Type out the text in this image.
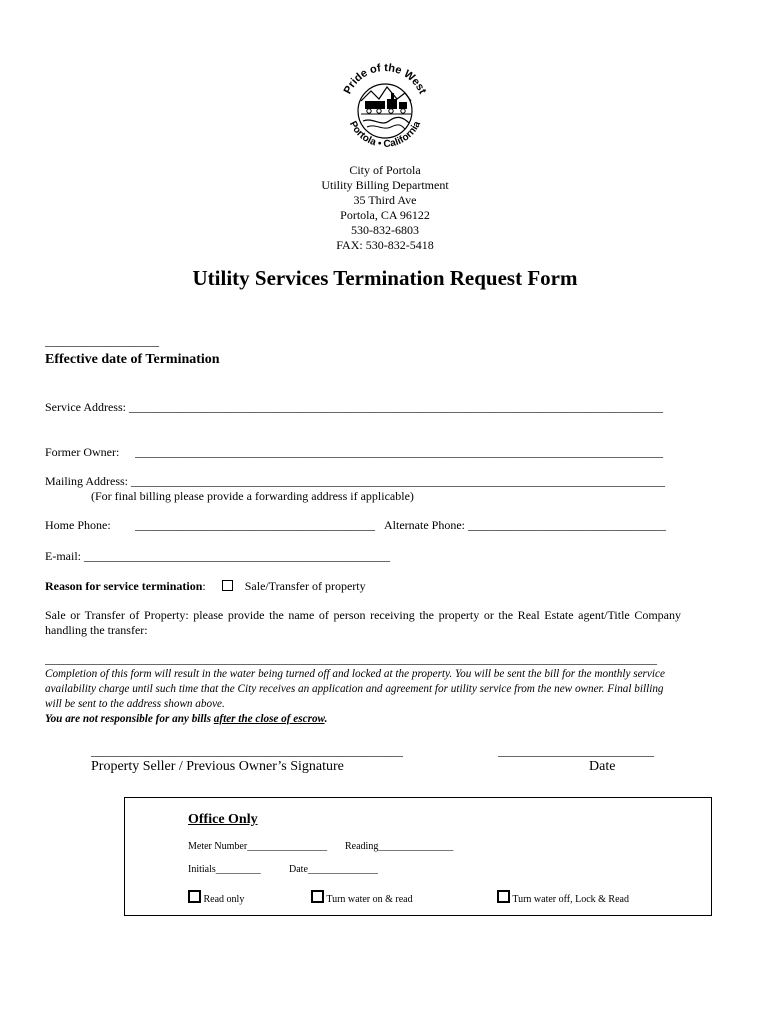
Pride of the West
Portola • California
City of Portola
Utility Billing Department
35 Third Ave
Portola, CA 96122
530-832-6803
FAX: 530-832-5418
Utility Services Termination Request Form
___________________
Effective date of Termination
Service Address: _________________________________________________________________________________________
Former Owner: ________________________________________________________________________________________
Mailing Address: _________________________________________________________________________________________
(For final billing please provide a forwarding address if applicable)
Home Phone: ________________________________________ Alternate Phone: _________________________________
E-mail: ___________________________________________________
Reason for service termination:	Sale/Transfer of property
Sale or Transfer of Property: please provide the name of person receiving the property or the Real Estate agent/Title Company handling the transfer:
______________________________________________________________________________________________________
Completion of this form will result in the water being turned off and locked at the property. You will be sent the bill for the monthly service availability charge until such time that the City receives an application and agreement for utility service from the new owner. Final billing will be sent to the address shown above.
You are not responsible for any bills after the close of escrow.
____________________________________________________	__________________________
Property Seller / Previous Owner’s Signature	Date
Office Only
Meter Number________________ Reading_______________
Initials_________	Date______________
Read only	Turn water on & read	Turn water off, Lock & Read
